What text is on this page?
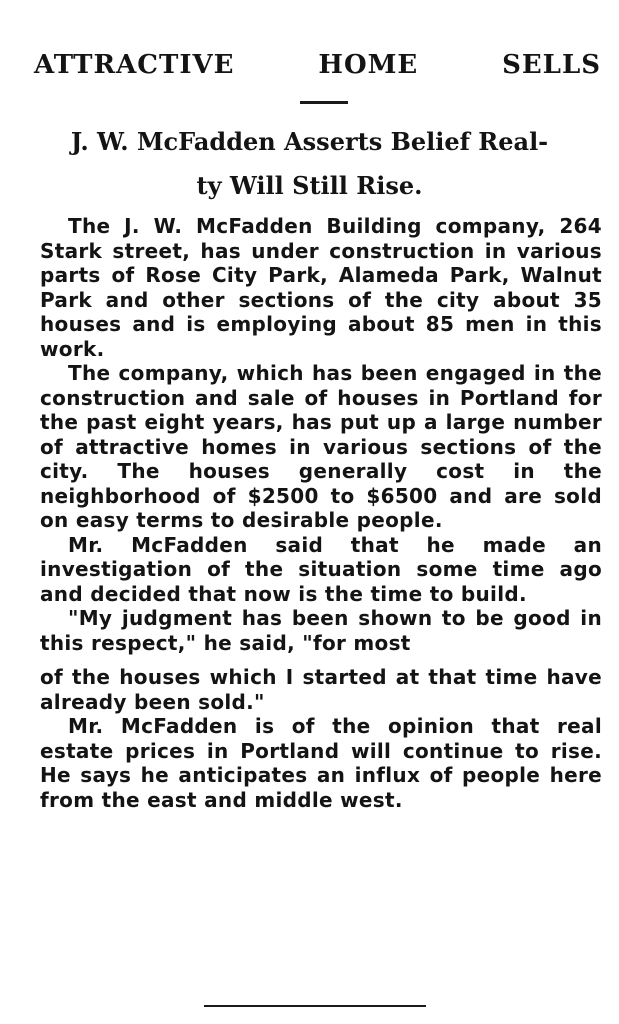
ATTRACTIVE	HOME	SELLS
J. W. McFadden Asserts Belief Real-
ty Will Still Rise.

The J. W. McFadden Building company, 264 Stark street, has under construction in various parts of Rose City Park, Alameda Park, Walnut Park and other sections of the city about 35 houses and is employing about 85 men in this work.

The company, which has been engaged in the construction and sale of houses in Portland for the past eight years, has put up a large number of attractive homes in various sections of the city. The houses generally cost in the neighborhood of $2500 to $6500 and are sold on easy terms to desirable people.

Mr. McFadden said that he made an investigation of the situation some time ago and decided that now is the time to build.

"My judgment has been shown to be good in this respect," he said, "for most

of the houses which I started at that time have already been sold."

Mr. McFadden is of the opinion that real estate prices in Portland will continue to rise. He says he anticipates an influx of people here from the east and middle west.
